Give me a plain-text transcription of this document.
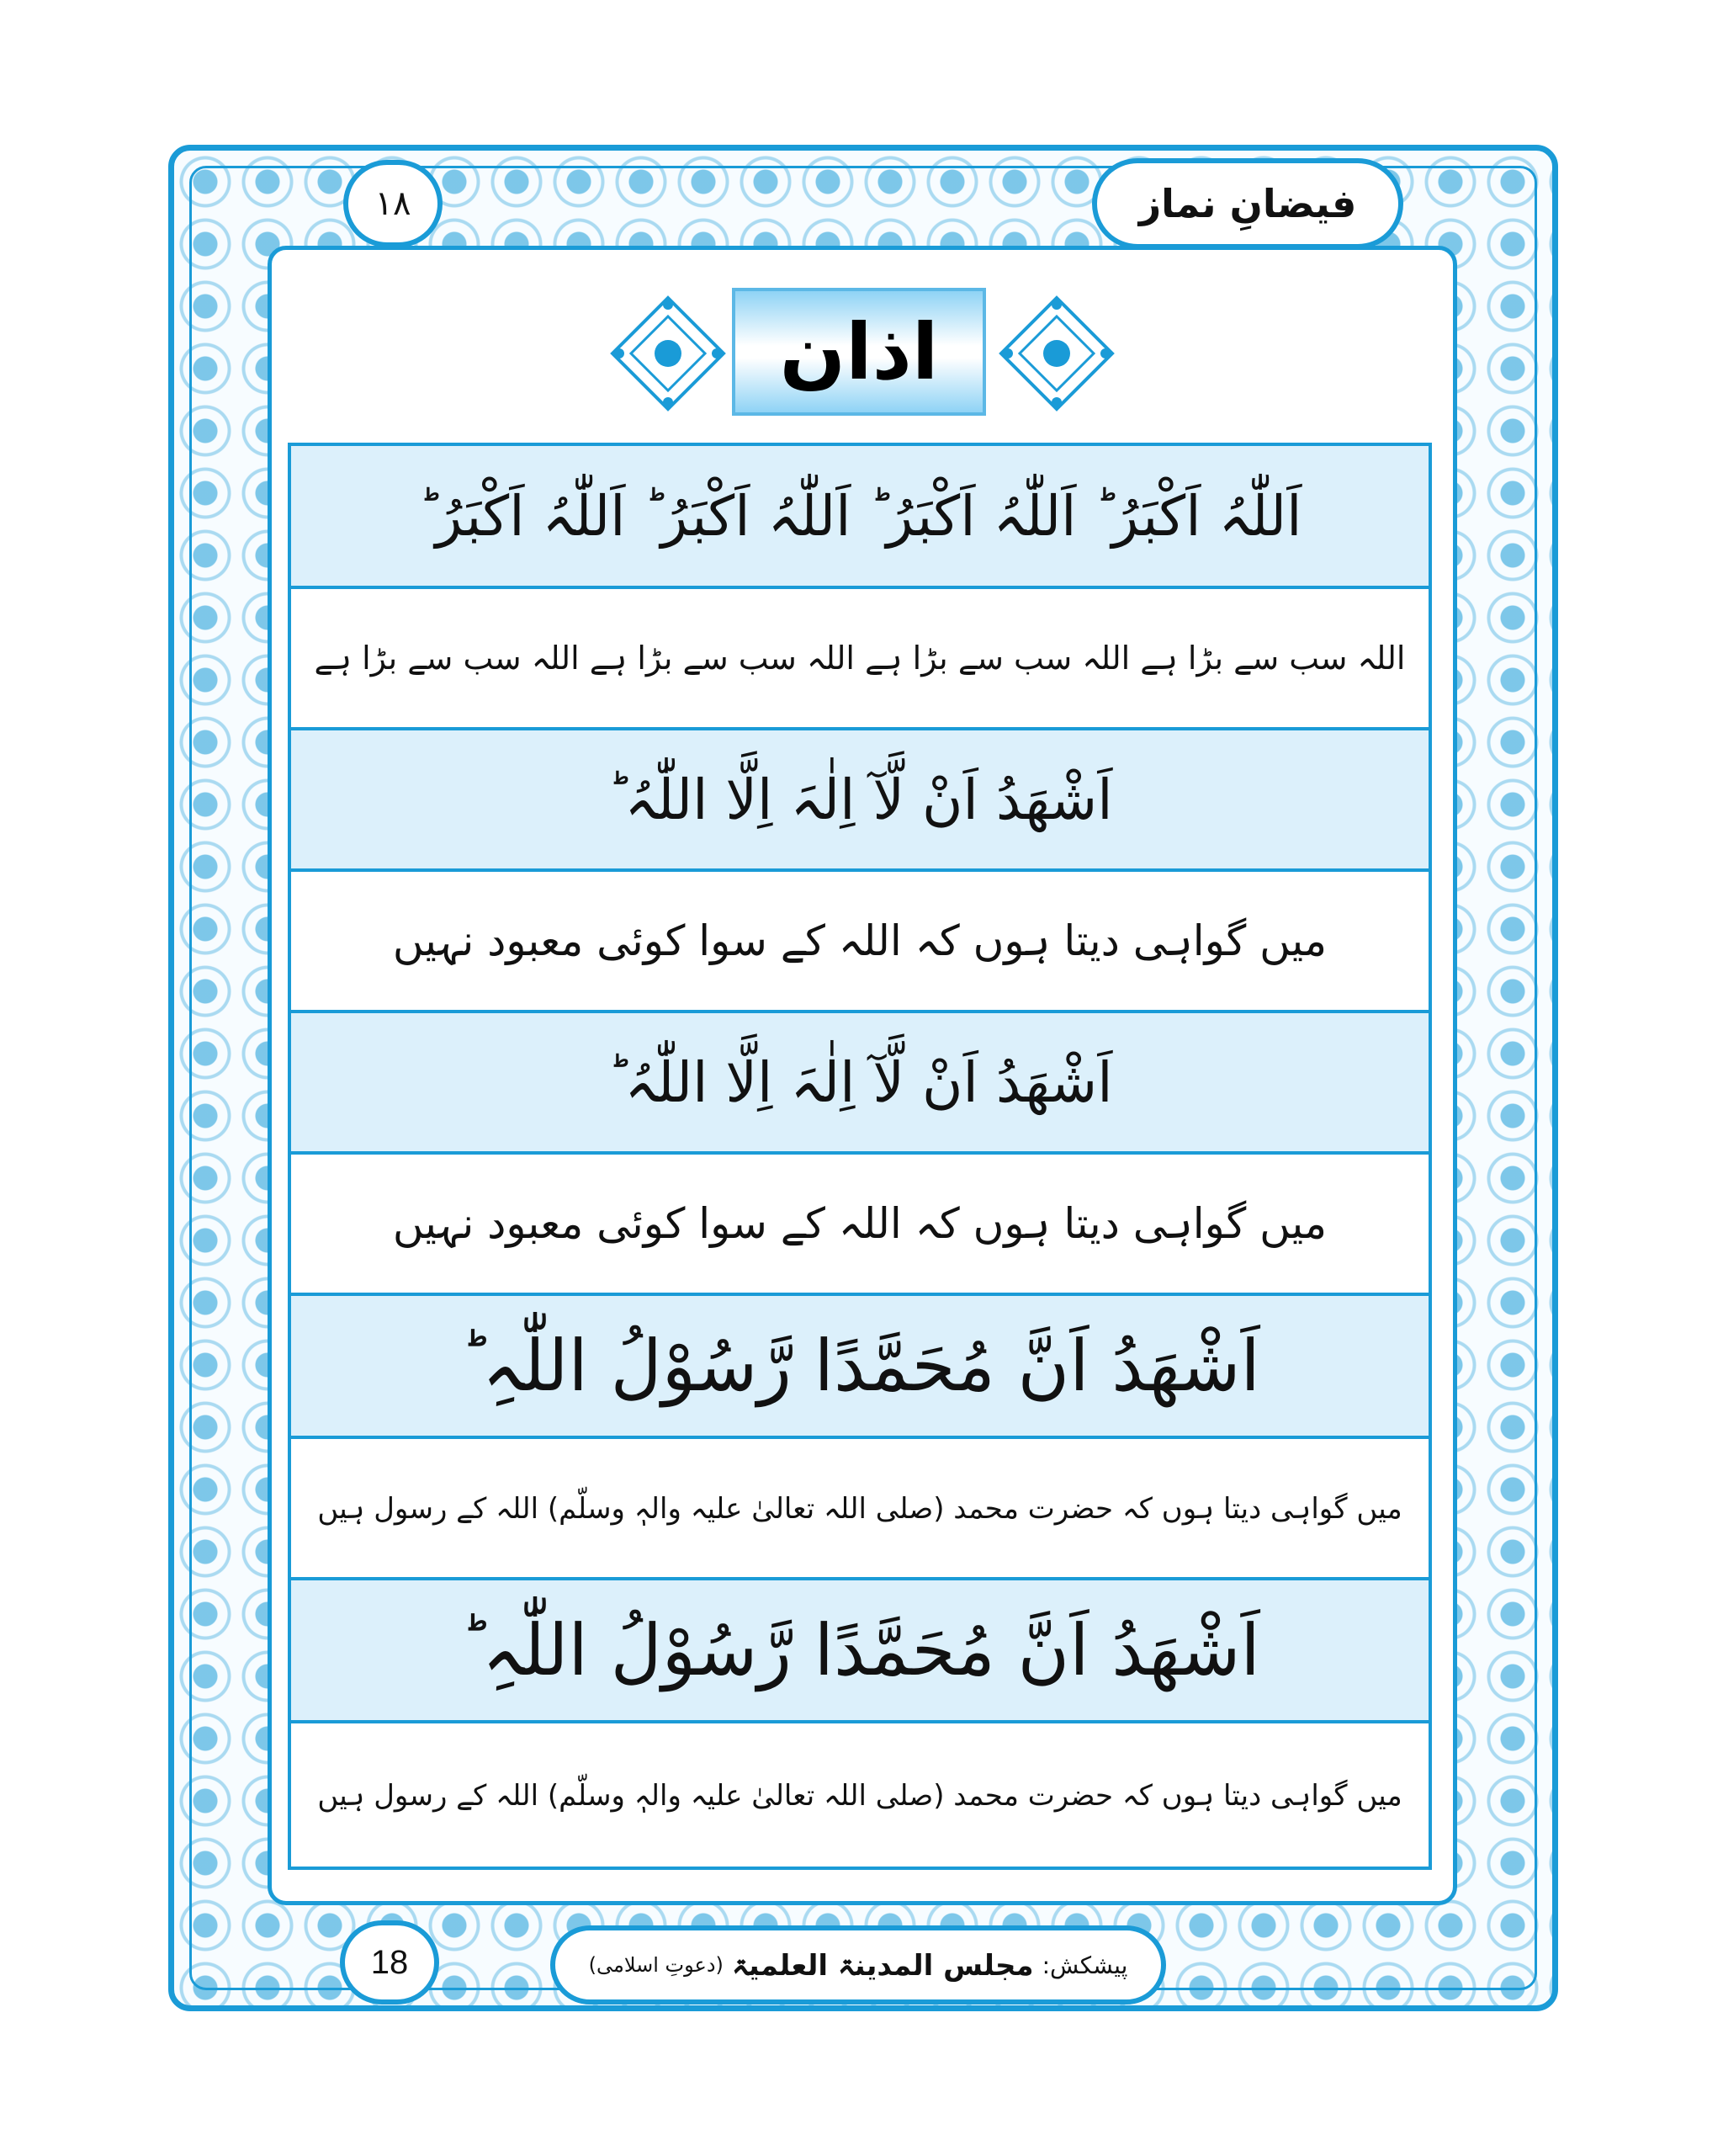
فیضانِ نماز
۱۸
اذان
اَللّٰہُ اَکْبَرُ ؕ اَللّٰہُ اَکْبَرُ ؕ اَللّٰہُ اَکْبَرُ ؕ اَللّٰہُ اَکْبَرُ ؕ
اللہ سب سے بڑا ہے اللہ سب سے بڑا ہے اللہ سب سے بڑا ہے اللہ سب سے بڑا ہے
اَشْھَدُ اَنْ لَّآ اِلٰہَ اِلَّا اللّٰہُ ؕ
میں گواہی دیتا ہوں کہ اللہ کے سوا کوئی معبود نہیں
اَشْھَدُ اَنْ لَّآ اِلٰہَ اِلَّا اللّٰہُ ؕ
میں گواہی دیتا ہوں کہ اللہ کے سوا کوئی معبود نہیں
اَشْھَدُ اَنَّ مُحَمَّدًا رَّسُوْلُ اللّٰہِ ؕ
میں گواہی دیتا ہوں کہ حضرت محمد (صلی اللہ تعالیٰ علیہ والہٖ وسلّم) اللہ کے رسول ہیں
اَشْھَدُ اَنَّ مُحَمَّدًا رَّسُوْلُ اللّٰہِ ؕ
میں گواہی دیتا ہوں کہ حضرت محمد (صلی اللہ تعالیٰ علیہ والہٖ وسلّم) اللہ کے رسول ہیں
18	پیشکش:
مجلس المدینۃ العلمیۃ
(دعوتِ اسلامی)
